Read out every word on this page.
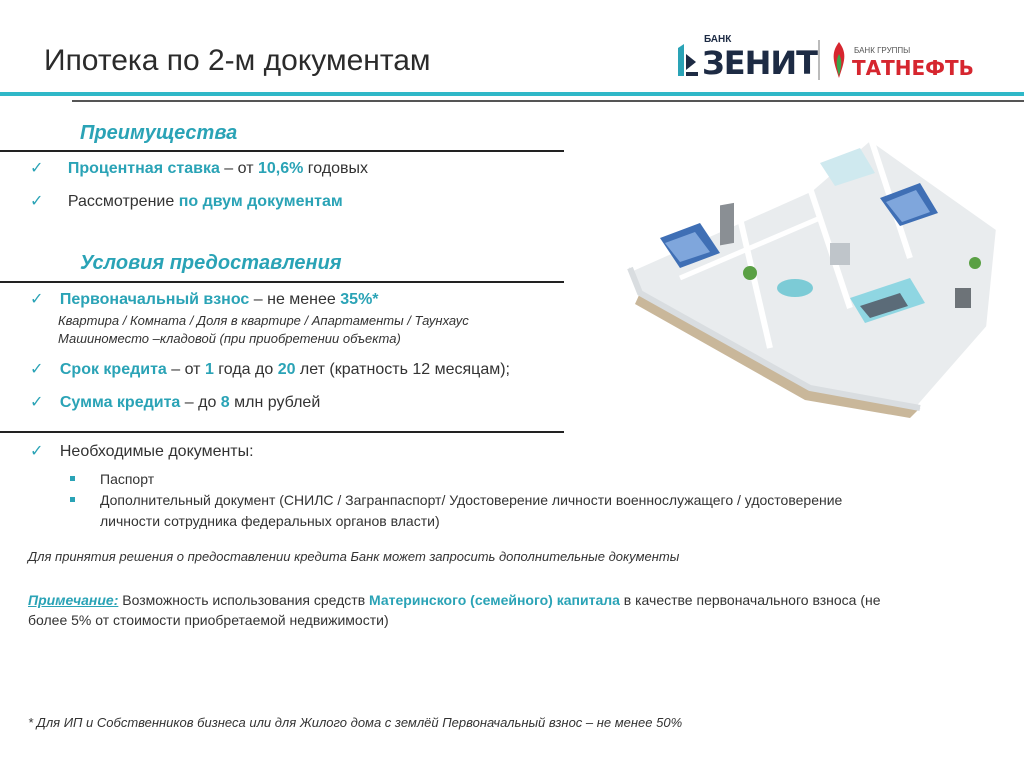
Ипотека по 2-м документам
БАНК
ЗЕНИТ	БАНК ГРУППЫ
ТАТНЕФТЬ
Преимущества
✓ Процентная ставка – от 10,6% годовых
✓ Рассмотрение по двум документам
Условия предоставления
✓ Первоначальный взнос – не менее 35%*
Квартира / Комната / Доля в квартире / Апартаменты / Таунхаус
Машиноместо –кладовой (при приобретении объекта)
✓ Срок кредита – от 1 года до 20 лет (кратность 12 месяцам);
✓ Сумма кредита – до 8 млн рублей
✓ Необходимые документы:
Паспорт
Дополнительный документ (СНИЛС / Загранпаспорт/ Удостоверение личности военнослужащего / удостоверение
личности сотрудника федеральных органов власти)
Для принятия решения о предоставлении кредита Банк может запросить дополнительные документы
Примечание: Возможность использования средств Материнского (семейного) капитала в качестве первоначального взноса (не
более 5% от стоимости приобретаемой недвижимости)
* Для ИП и Собственников бизнеса или для Жилого дома с землёй Первоначальный взнос – не менее 50%
